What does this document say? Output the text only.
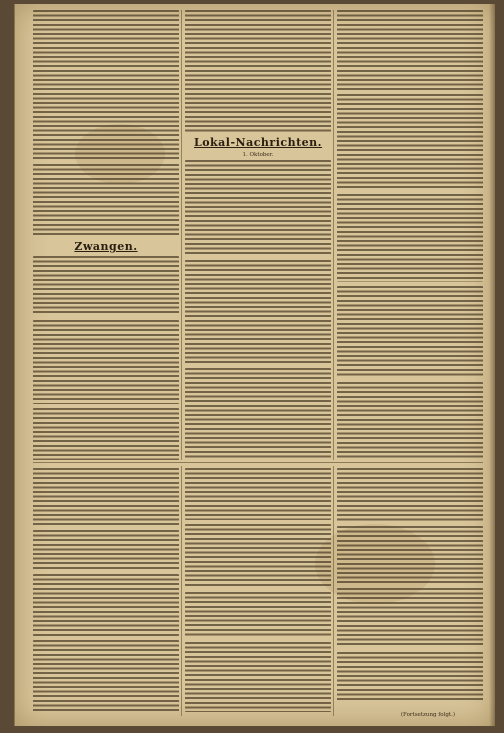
Zwangen.
Lokal-Nachrichten.
1. Oktober.
(Fortsetzung folgt.)
